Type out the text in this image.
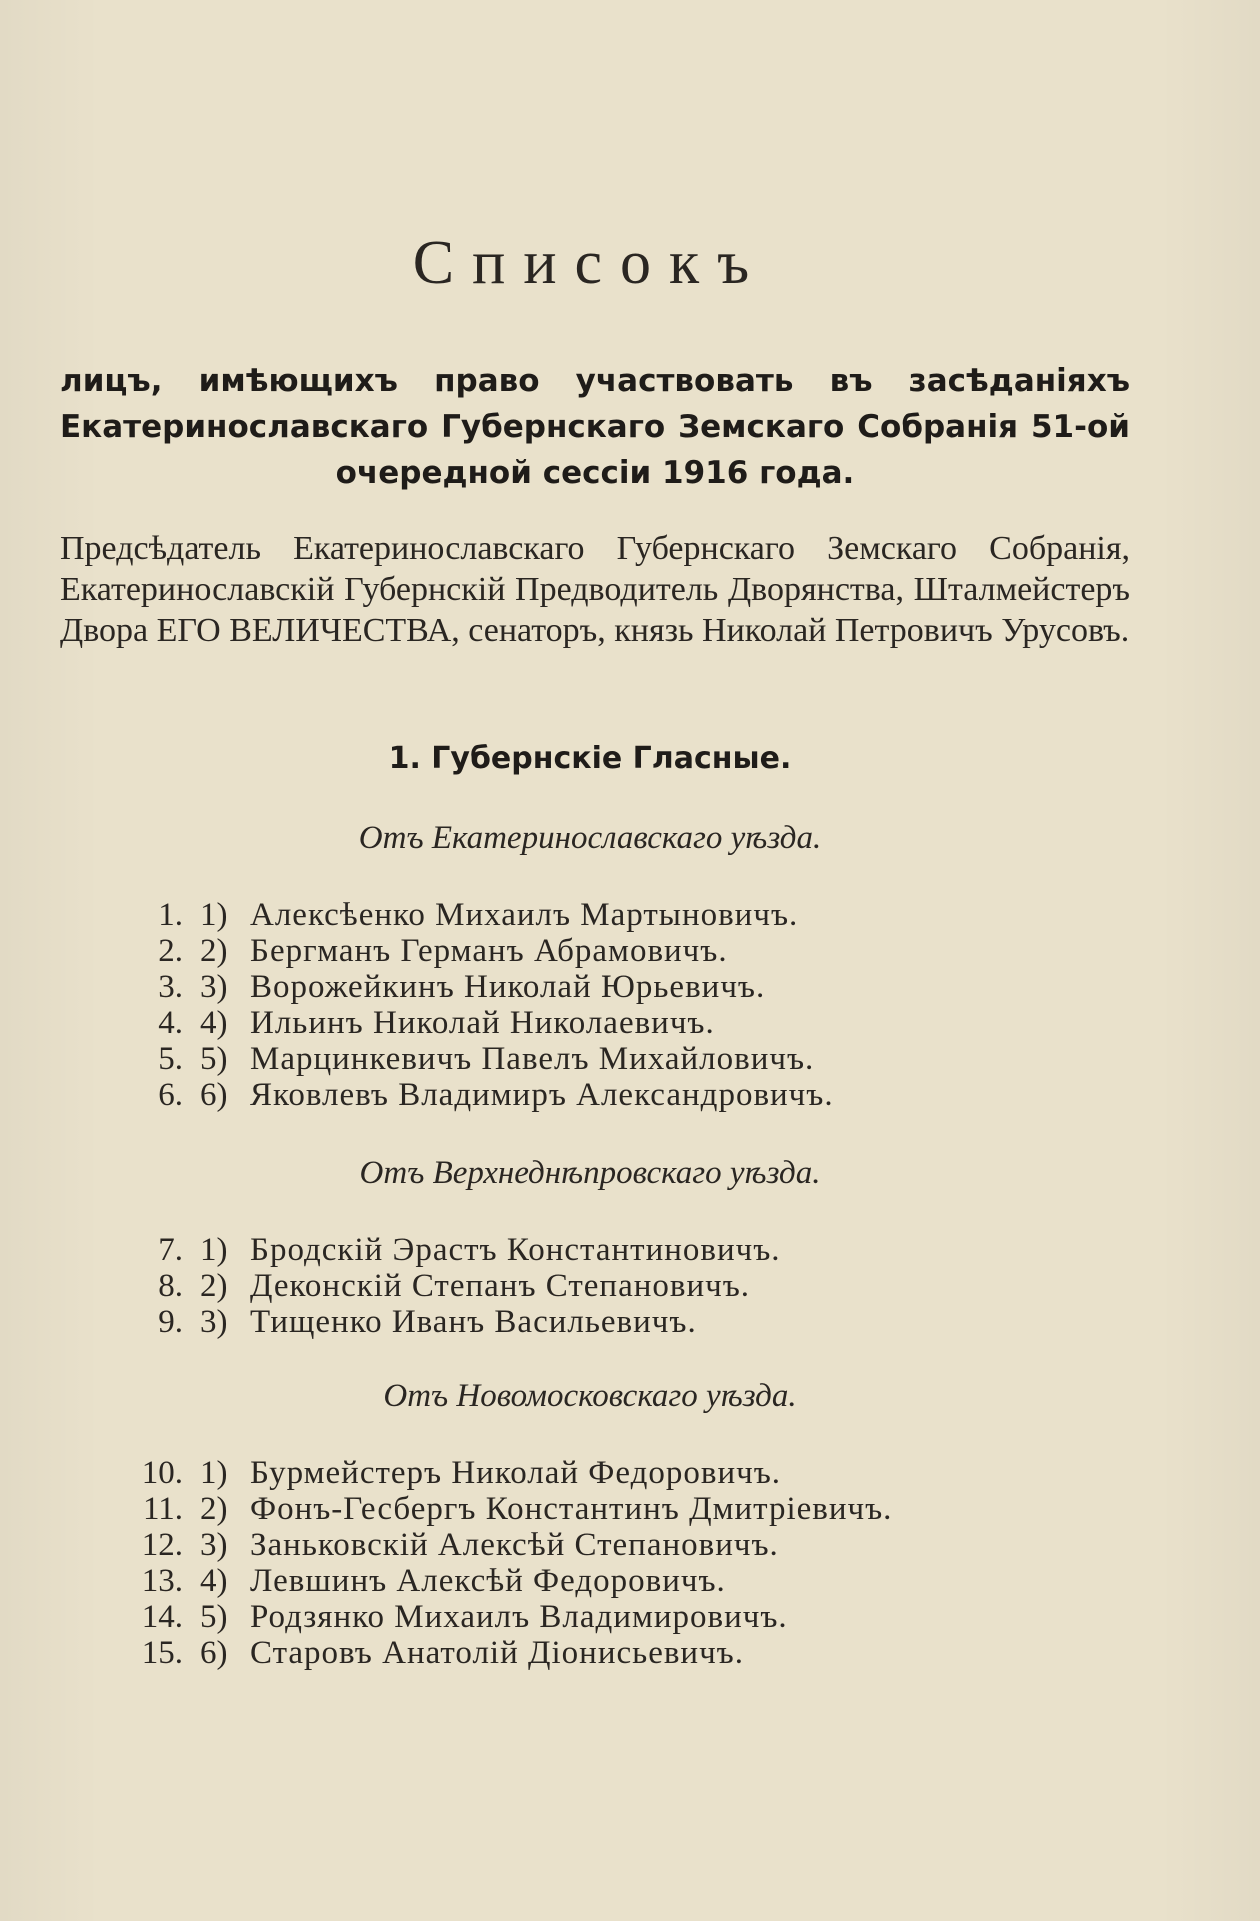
Списокъ
лицъ, имѣющихъ право участвовать въ засѣданіяхъ Екатеринославскаго Губернскаго Земскаго Собранія 51-ой очередной сессіи 1916 года.
Предсѣдатель Екатеринославскаго Губернскаго Земскаго Собранія, Екатеринославскій Губернскій Предводитель Дворянства, Шталмейстеръ Двора ЕГО ВЕЛИЧЕСТВА, сенаторъ, князь Николай Петровичъ Урусовъ.
1. Губернскіе Гласные.
Отъ Екатеринославскаго уѣзда.
1. 1) Алексѣенко Михаилъ Мартыновичъ.
2. 2) Бергманъ Германъ Абрамовичъ.
3. 3) Ворожейкинъ Николай Юрьевичъ.
4. 4) Ильинъ Николай Николаевичъ.
5. 5) Марцинкевичъ Павелъ Михайловичъ.
6. 6) Яковлевъ Владимиръ Александровичъ.
Отъ Верхнеднѣпровскаго уѣзда.
7. 1) Бродскій Эрастъ Константиновичъ.
8. 2) Деконскій Степанъ Степановичъ.
9. 3) Тищенко Иванъ Васильевичъ.
Отъ Новомосковскаго уѣзда.
10. 1) Бурмейстеръ Николай Федоровичъ.
11. 2) Фонъ-Гесбергъ Константинъ Дмитріевичъ.
12. 3) Заньковскій Алексѣй Степановичъ.
13. 4) Левшинъ Алексѣй Федоровичъ.
14. 5) Родзянко Михаилъ Владимировичъ.
15. 6) Старовъ Анатолій Діонисьевичъ.
